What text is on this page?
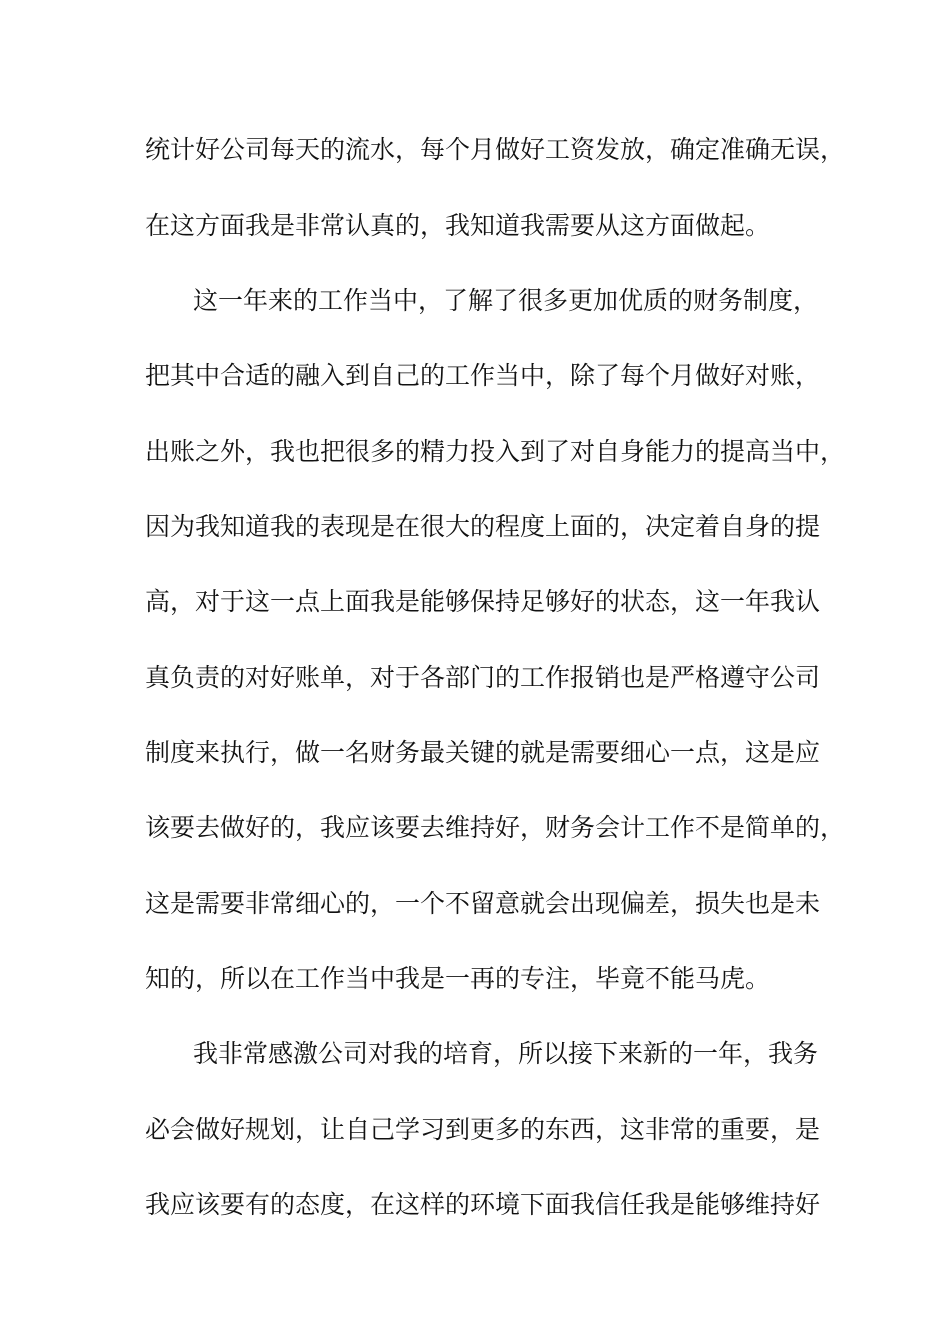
统计好公司每天的流水，每个月做好工资发放，确定准确无误，
在这方面我是非常认真的，我知道我需要从这方面做起。
这一年来的工作当中，了解了很多更加优质的财务制度，
把其中合适的融入到自己的工作当中，除了每个月做好对账，
出账之外，我也把很多的精力投入到了对自身能力的提高当中，
因为我知道我的表现是在很大的程度上面的，决定着自身的提
高，对于这一点上面我是能够保持足够好的状态，这一年我认
真负责的对好账单，对于各部门的工作报销也是严格遵守公司
制度来执行，做一名财务最关键的就是需要细心一点，这是应
该要去做好的，我应该要去维持好，财务会计工作不是简单的，
这是需要非常细心的，一个不留意就会出现偏差，损失也是未
知的，所以在工作当中我是一再的专注，毕竟不能马虎。
我非常感激公司对我的培育，所以接下来新的一年，我务
必会做好规划，让自己学习到更多的东西，这非常的重要，是
我应该要有的态度，在这样的环境下面我信任我是能够维持好
